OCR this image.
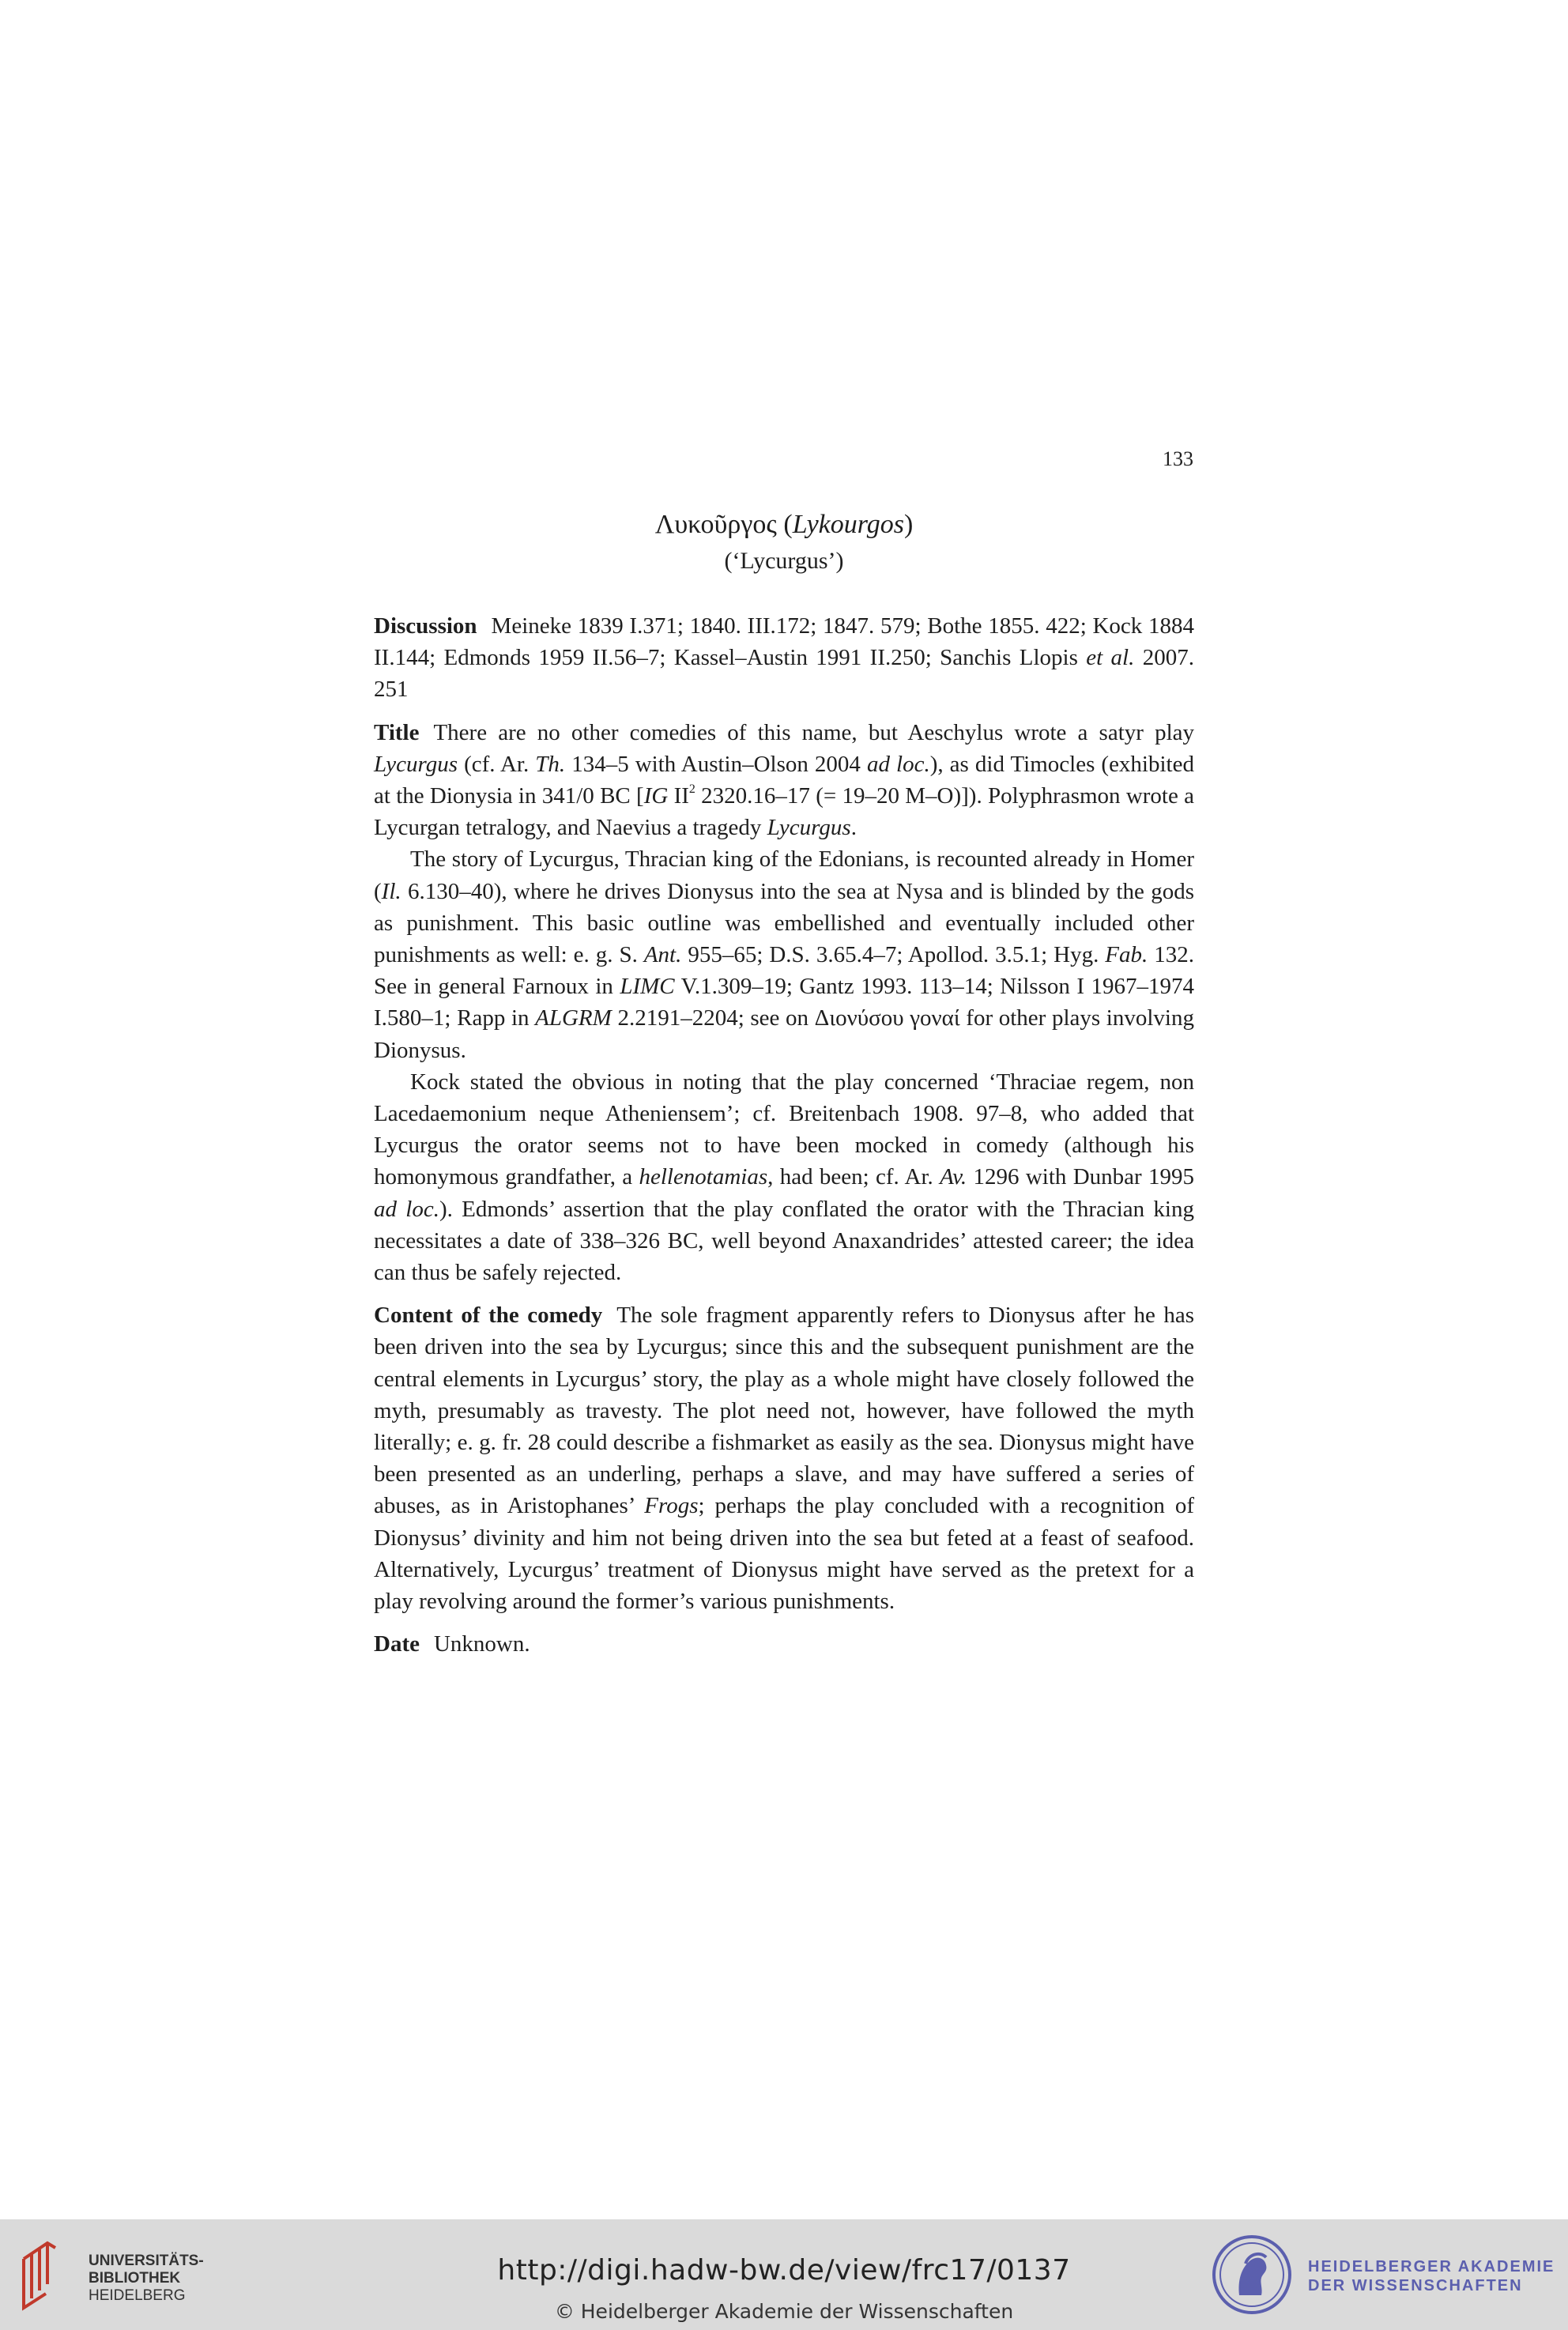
133
Λυκοῦργος (Lykourgos)
(‘Lycurgus’)

Discussion Meineke 1839 I.371; 1840. III.172; 1847. 579; Bothe 1855. 422; Kock 1884 II.144; Edmonds 1959 II.56–7; Kassel–Austin 1991 II.250; Sanchis Llopis et al. 2007. 251

Title There are no other comedies of this name, but Aeschylus wrote a satyr play Lycurgus (cf. Ar. Th. 134–5 with Austin–Olson 2004 ad loc.), as did Timocles (exhibited at the Dionysia in 341/0 BC [IG $II^2$ 2320.16–17 (= 19–20 M–O)]). Polyphrasmon wrote a Lycurgan tetralogy, and Naevius a tragedy Lycurgus.

The story of Lycurgus, Thracian king of the Edonians, is recounted already in Homer (Il. 6.130–40), where he drives Dionysus into the sea at Nysa and is blinded by the gods as punishment. This basic outline was embellished and eventually included other punishments as well: e. g. S. Ant. 955–65; D.S. 3.65.4–7; Apollod. 3.5.1; Hyg. Fab. 132. See in general Farnoux in LIMC V.1.309–19; Gantz 1993. 113–14; Nilsson I 1967–1974 I.580–1; Rapp in ALGRM 2.2191–2204; see on Διονύσου γοναί for other plays involving Dionysus.

Kock stated the obvious in noting that the play concerned ‘Thraciae regem, non Lacedaemonium neque Atheniensem’; cf. Breitenbach 1908. 97–8, who added that Lycurgus the orator seems not to have been mocked in comedy (although his homonymous grandfather, a hellenotamias, had been; cf. Ar. Av. 1296 with Dunbar 1995 ad loc.). Edmonds’ assertion that the play conflated the orator with the Thracian king necessitates a date of 338–326 BC, well beyond Anaxandrides’ attested career; the idea can thus be safely rejected.

Content of the comedy The sole fragment apparently refers to Dionysus after he has been driven into the sea by Lycurgus; since this and the subsequent punishment are the central elements in Lycurgus’ story, the play as a whole might have closely followed the myth, presumably as travesty. The plot need not, however, have followed the myth literally; e. g. fr. 28 could describe a fishmarket as easily as the sea. Dionysus might have been presented as an underling, perhaps a slave, and may have suffered a series of abuses, as in Aristophanes’ Frogs; perhaps the play concluded with a recognition of Dionysus’ divinity and him not being driven into the sea but feted at a feast of seafood. Alternatively, Lycurgus’ treatment of Dionysus might have served as the pretext for a play revolving around the former’s various punishments.

Date Unknown.

UNIVERSITÄTS-
BIBLIOTHEK
HEIDELBERG
http://digi.hadw-bw.de/view/frc17/0137
© Heidelberger Akademie der Wissenschaften
HEIDELBERGER AKADEMIE
DER WISSENSCHAFTEN
